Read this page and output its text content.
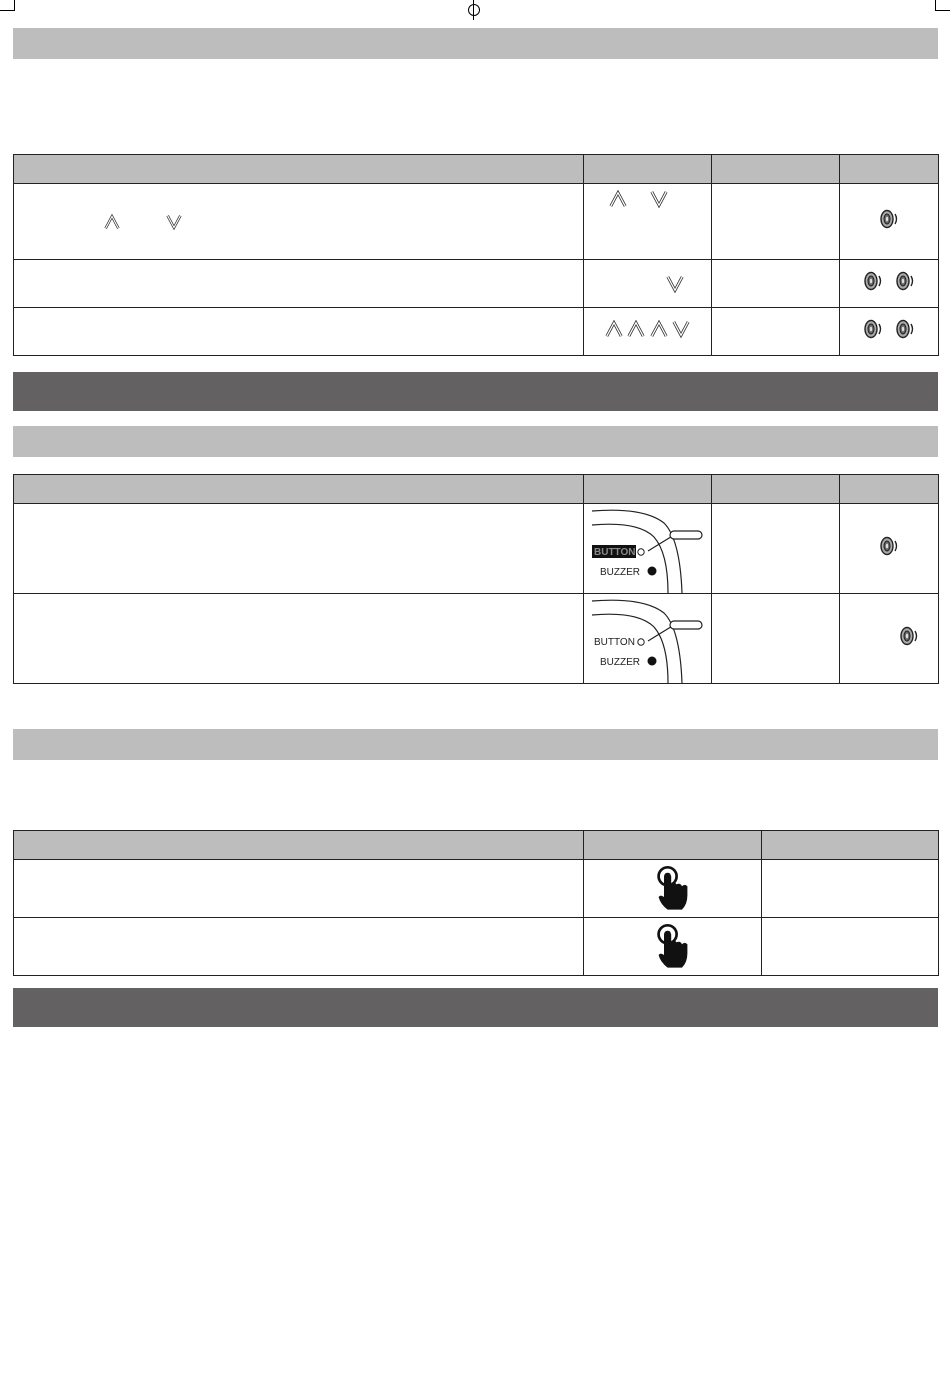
BUTTON
BUZZER

BUTTON
BUZZER
